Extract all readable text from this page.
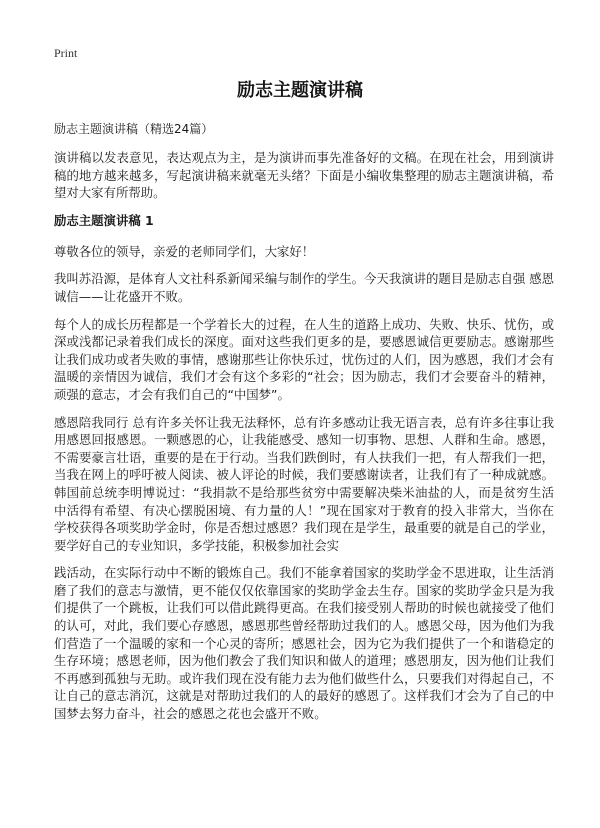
Print
励志主题演讲稿
励志主题演讲稿（精选24篇）

演讲稿以发表意见，表达观点为主，是为演讲而事先准备好的文稿。在现在社会，用到演讲稿的地方越来越多，写起演讲稿来就毫无头绪？下面是小编收集整理的励志主题演讲稿，希望对大家有所帮助。

励志主题演讲稿 1

尊敬各位的领导，亲爱的老师同学们，大家好！

我叫苏沿源，是体育人文社科系新闻采编与制作的学生。今天我演讲的题目是励志自强 感恩诚信——让花盛开不败。

每个人的成长历程都是一个学着长大的过程，在人生的道路上成功、失败、快乐、忧伤，或深或浅都记录着我们成长的深度。面对这些我们更多的是，要感恩诚信更要励志。感谢那些让我们成功或者失败的事情，感谢那些让你快乐过，忧伤过的人们，因为感恩，我们才会有温暖的亲情因为诚信，我们才会有这个多彩的“社会；因为励志，我们才会要奋斗的精神，顽强的意志，才会有我们自己的“中国梦”。

感恩陪我同行 总有许多关怀让我无法释怀，总有许多感动让我无语言表，总有许多往事让我用感恩回报感恩。一颗感恩的心，让我能感受、感知一切事物、思想、人群和生命。感恩，不需要豪言壮语，重要的是在于行动。当我们跌倒时，有人扶我们一把，有人帮我们一把，当我在网上的呼吁被人阅读、被人评论的时候，我们要感谢读者，让我们有了一种成就感。韩国前总统李明博说过：“我捐款不是给那些贫穷中需要解决柴米油盐的人，而是贫穷生活中活得有希望、有决心摆脱困境、有力量的人！”现在国家对于教育的投入非常大，当你在学校获得各项奖助学金时，你是否想过感恩？我们现在是学生，最重要的就是自己的学业，要学好自己的专业知识，多学技能，积极参加社会实

践活动，在实际行动中不断的锻炼自己。我们不能拿着国家的奖助学金不思进取，让生活消磨了我们的意志与激情，更不能仅仅依靠国家的奖助学金去生存。国家的奖助学金只是为我们提供了一个跳板，让我们可以借此跳得更高。在我们接受别人帮助的时候也就接受了他们的认可，对此，我们要心存感恩，感恩那些曾经帮助过我们的人。感恩父母，因为他们为我们营造了一个温暖的家和一个心灵的寄所；感恩社会，因为它为我们提供了一个和谐稳定的生存环境；感恩老师，因为他们教会了我们知识和做人的道理；感恩朋友，因为他们让我们不再感到孤独与无助。或许我们现在没有能力去为他们做些什么，只要我们对得起自己，不让自己的意志消沉，这就是对帮助过我们的人的最好的感恩了。这样我们才会为了自己的中国梦去努力奋斗，社会的感恩之花也会盛开不败。
